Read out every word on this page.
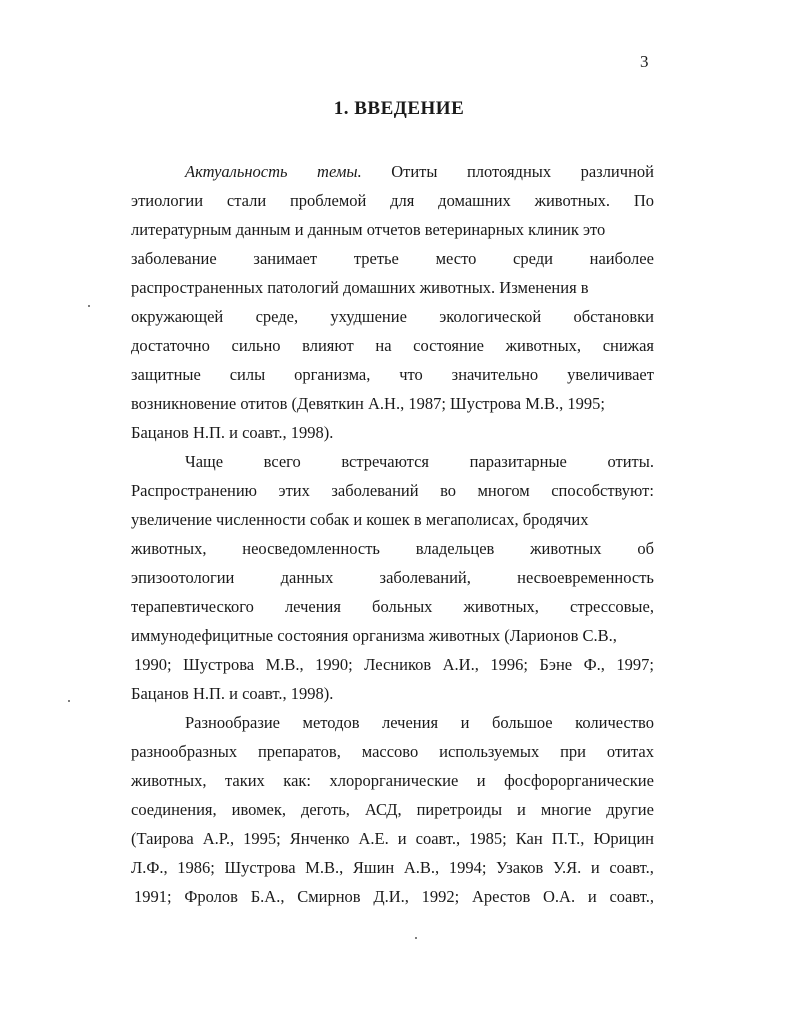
3
1. ВВЕДЕНИЕ
Актуальность темы. Отиты плотоядных различной
этиологии стали проблемой для домашних животных. По
литературным данным и данным отчетов ветеринарных клиник это
заболевание занимает третье место среди наиболее
распространенных патологий домашних животных. Изменения в
окружающей среде, ухудшение экологической обстановки
достаточно сильно влияют на состояние животных, снижая
защитные силы организма, что значительно увеличивает
возникновение отитов (Девяткин А.Н., 1987; Шустрова М.В., 1995;
Бацанов Н.П. и соавт., 1998).
Чаще всего встречаются паразитарные отиты.
Распространению этих заболеваний во многом способствуют:
увеличение численности собак и кошек в мегаполисах, бродячих
животных, неосведомленность владельцев животных об
эпизоотологии	данных	заболеваний,	несвоевременность
терапевтического лечения больных животных, стрессовые,
иммунодефицитные состояния организма животных (Ларионов С.В.,
1990; Шустрова М.В., 1990; Лесников А.И., 1996; Бэне Ф., 1997;
Бацанов Н.П. и соавт., 1998).
Разнообразие методов лечения и большое количество
разнообразных препаратов, массово используемых при отитах
животных, таких как: хлорорганические и фосфорорганические
соединения, ивомек, деготь, АСД, пиретроиды и многие другие
(Таирова А.Р., 1995; Янченко А.Е. и соавт., 1985; Кан П.Т., Юрицин
Л.Ф., 1986; Шустрова М.В., Яшин А.В., 1994; Узаков У.Я. и соавт.,
1991; Фролов Б.А., Смирнов Д.И., 1992; Арестов О.А. и соавт.,
